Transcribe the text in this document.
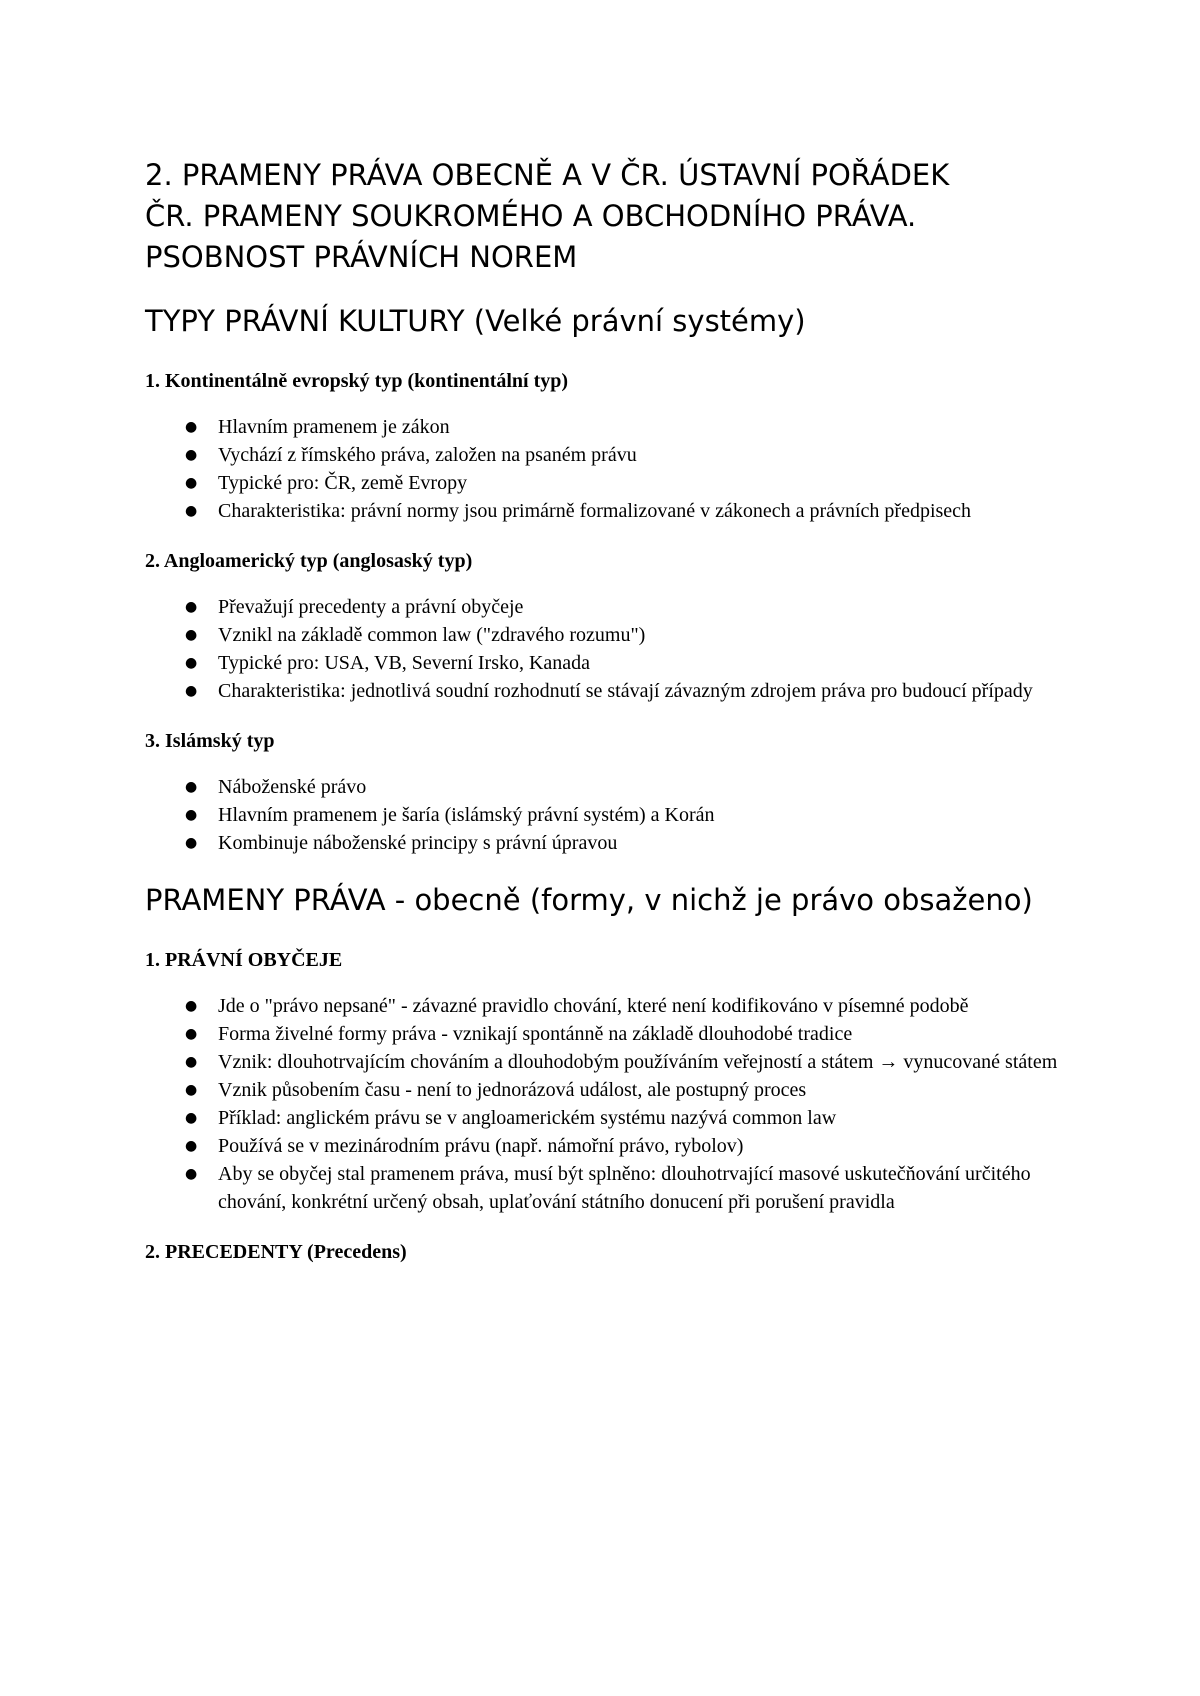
2. PRAMENY PRÁVA OBECNĚ A V ČR. ÚSTAVNÍ POŘÁDEK
ČR. PRAMENY SOUKROMÉHO A OBCHODNÍHO PRÁVA.
PSOBNOST PRÁVNÍCH NOREM
TYPY PRÁVNÍ KULTURY (Velké právní systémy)
1. Kontinentálně evropský typ (kontinentální typ)
● Hlavním pramenem je zákon
● Vychází z římského práva, založen na psaném právu
● Typické pro: ČR, země Evropy
● Charakteristika: právní normy jsou primárně formalizované v zákonech a právních předpisech
2. Angloamerický typ (anglosaský typ)
● Převažují precedenty a právní obyčeje
● Vznikl na základě common law ("zdravého rozumu")
● Typické pro: USA, VB, Severní Irsko, Kanada
● Charakteristika: jednotlivá soudní rozhodnutí se stávají závazným zdrojem práva pro budoucí případy
3. Islámský typ
● Náboženské právo
● Hlavním pramenem je šaría (islámský právní systém) a Korán
● Kombinuje náboženské principy s právní úpravou
PRAMENY PRÁVA - obecně (formy, v nichž je právo obsaženo)
1. PRÁVNÍ OBYČEJE
● Jde o "právo nepsané" - závazné pravidlo chování, které není kodifikováno v písemné podobě
● Forma živelné formy práva - vznikají spontánně na základě dlouhodobé tradice
● Vznik: dlouhotrvajícím chováním a dlouhodobým používáním veřejností a státem → vynucované státem
● Vznik působením času - není to jednorázová událost, ale postupný proces
● Příklad: anglickém právu se v angloamerickém systému nazývá common law
● Používá se v mezinárodním právu (např. námořní právo, rybolov)
● Aby se obyčej stal pramenem práva, musí být splněno: dlouhotrvající masové uskutečňování určitého chování, konkrétní určený obsah, uplaťování státního donucení při porušení pravidla
2. PRECEDENTY (Precedens)
